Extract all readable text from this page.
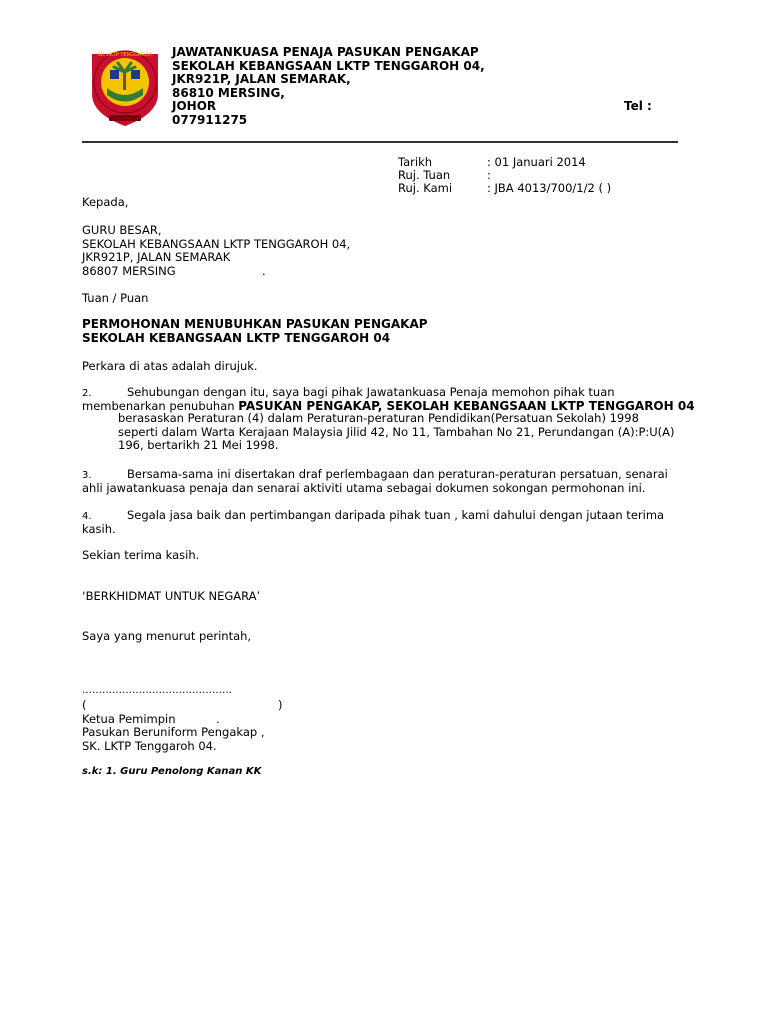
SK. LKTP TENGGAROH JAWATANKUASA PENAJA PASUKAN PENGAKAP
SEKOLAH KEBANGSAAN LKTP TENGGAROH 04,
JKR921P, JALAN SEMARAK,
86810 MERSING,
JOHOR
077911275
Tel :
Tarikh	: 01 Januari 2014
Ruj. Tuan	:
Ruj. Kami	: JBA 4013/700/1/2 ( )
Kepada,
GURU BESAR,
SEKOLAH KEBANGSAAN LKTP TENGGAROH 04,
JKR921P, JALAN SEMARAK
86807 MERSING	.
Tuan / Puan
PERMOHONAN MENUBUHKAN PASUKAN PENGAKAP
SEKOLAH KEBANGSAAN LKTP TENGGAROH 04
Perkara di atas adalah dirujuk.
2.	Sehubungan dengan itu, saya bagi pihak Jawatankuasa Penaja memohon pihak tuan
membenarkan penubuhan PASUKAN PENGAKAP, SEKOLAH KEBANGSAAN LKTP TENGGAROH 04
berasaskan Peraturan (4) dalam Peraturan-peraturan Pendidikan(Persatuan Sekolah) 1998 seperti dalam Warta Kerajaan Malaysia Jilid 42, No 11, Tambahan No 21, Perundangan (A):P:U(A) 196, bertarikh 21 Mei 1998.
3.	Bersama-sama ini disertakan draf perlembagaan dan peraturan-peraturan persatuan, senarai
ahli jawatankuasa penaja dan senarai aktiviti utama sebagai dokumen sokongan permohonan ini.
4.	Segala jasa baik dan pertimbangan daripada pihak tuan , kami dahului dengan jutaan terima
kasih.
Sekian terima kasih.
‘BERKHIDMAT UNTUK NEGARA’
Saya yang menurut perintah,
………………………………………
(	)
Ketua Pemimpin	.
Pasukan Beruniform Pengakap ,
SK. LKTP Tenggaroh 04.
s.k: 1. Guru Penolong Kanan KK
